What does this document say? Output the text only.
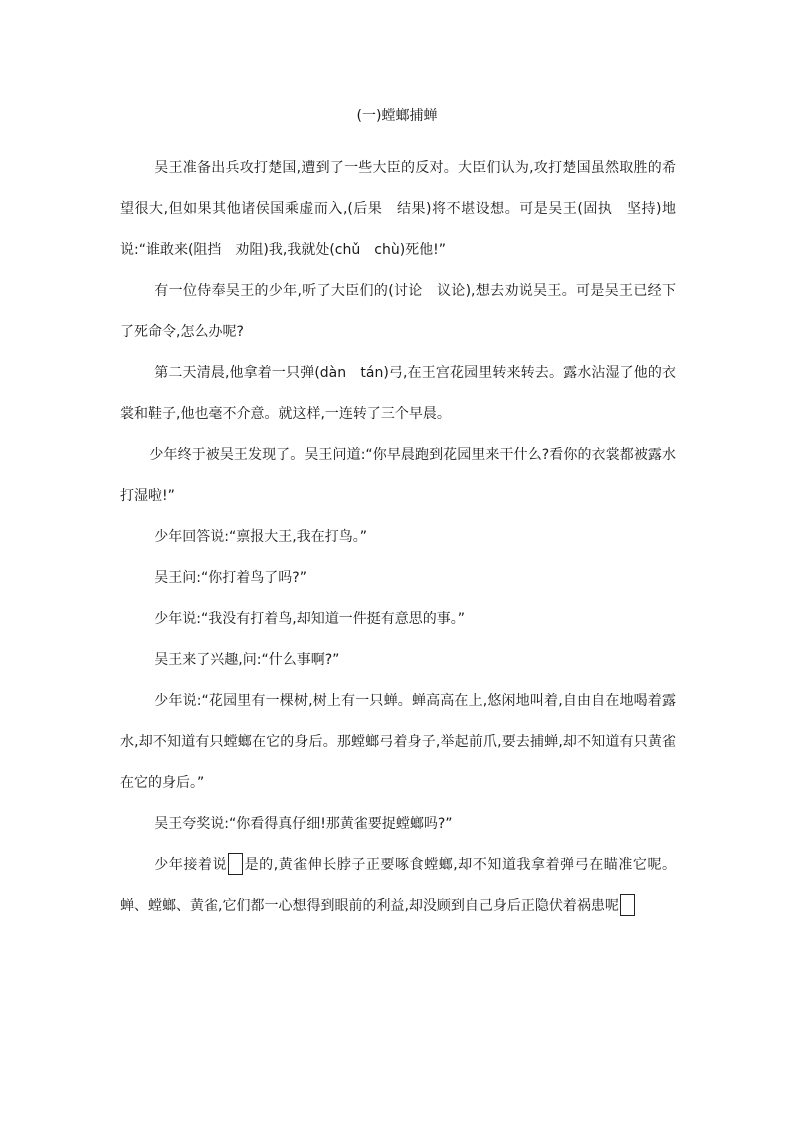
(一)螳螂捕蝉

吴王准备出兵攻打楚国,遭到了一些大臣的反对。大臣们认为,攻打楚国虽然取胜的希望很大,但如果其他诸侯国乘虚而入,(后果　结果)将不堪设想。可是吴王(固执　坚持)地说:“谁敢来(阻挡　劝阻)我,我就处(chǔ　chù)死他!”

有一位侍奉吴王的少年,听了大臣们的(讨论　议论),想去劝说吴王。可是吴王已经下了死命令,怎么办呢?

第二天清晨,他拿着一只弹(dàn　tán)弓,在王宫花园里转来转去。露水沾湿了他的衣裳和鞋子,他也毫不介意。就这样,一连转了三个早晨。

少年终于被吴王发现了。吴王问道:“你早晨跑到花园里来干什么?看你的衣裳都被露水打湿啦!”

少年回答说:“禀报大王,我在打鸟。”

吴王问:“你打着鸟了吗?”

少年说:“我没有打着鸟,却知道一件挺有意思的事。”

吴王来了兴趣,问:“什么事啊?”

少年说:“花园里有一棵树,树上有一只蝉。蝉高高在上,悠闲地叫着,自由自在地喝着露水,却不知道有只螳螂在它的身后。那螳螂弓着身子,举起前爪,要去捕蝉,却不知道有只黄雀在它的身后。”

吴王夸奖说:“你看得真仔细!那黄雀要捉螳螂吗?”

少年接着说 是的,黄雀伸长脖子正要啄食螳螂,却不知道我拿着弹弓在瞄准它呢。蝉、螳螂、黄雀,它们都一心想得到眼前的利益,却没顾到自己身后正隐伏着祸患呢
